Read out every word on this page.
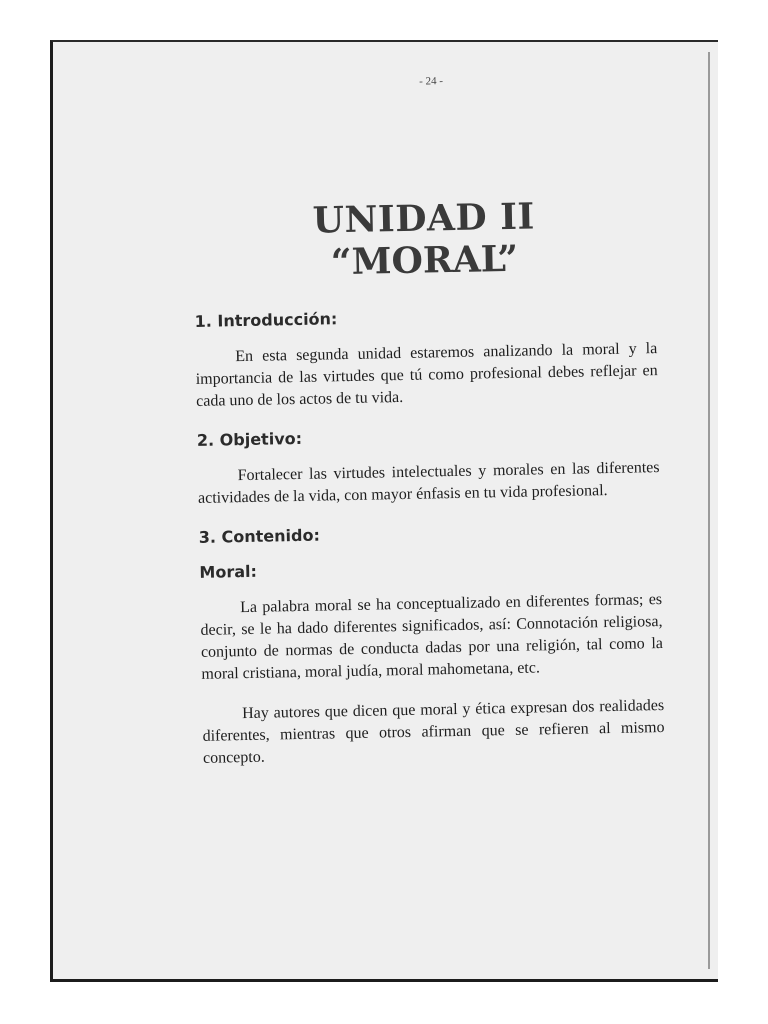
- 24 -
UNIDAD II
“MORAL”
1. Introducción:

En esta segunda unidad estaremos analizando la moral y la importancia de las virtudes que tú como profesional debes reflejar en cada uno de los actos de tu vida.

2. Objetivo:

Fortalecer las virtudes intelectuales y morales en las diferentes actividades de la vida, con mayor énfasis en tu vida profesional.

3. Contenido:
Moral:

La palabra moral se ha conceptualizado en diferentes formas; es decir, se le ha dado diferentes significados, así: Connotación religiosa, conjunto de normas de conducta dadas por una religión, tal como la moral cristiana, moral judía, moral mahometana, etc.

Hay autores que dicen que moral y ética expresan dos realidades diferentes, mientras que otros afirman que se refieren al mismo concepto.
